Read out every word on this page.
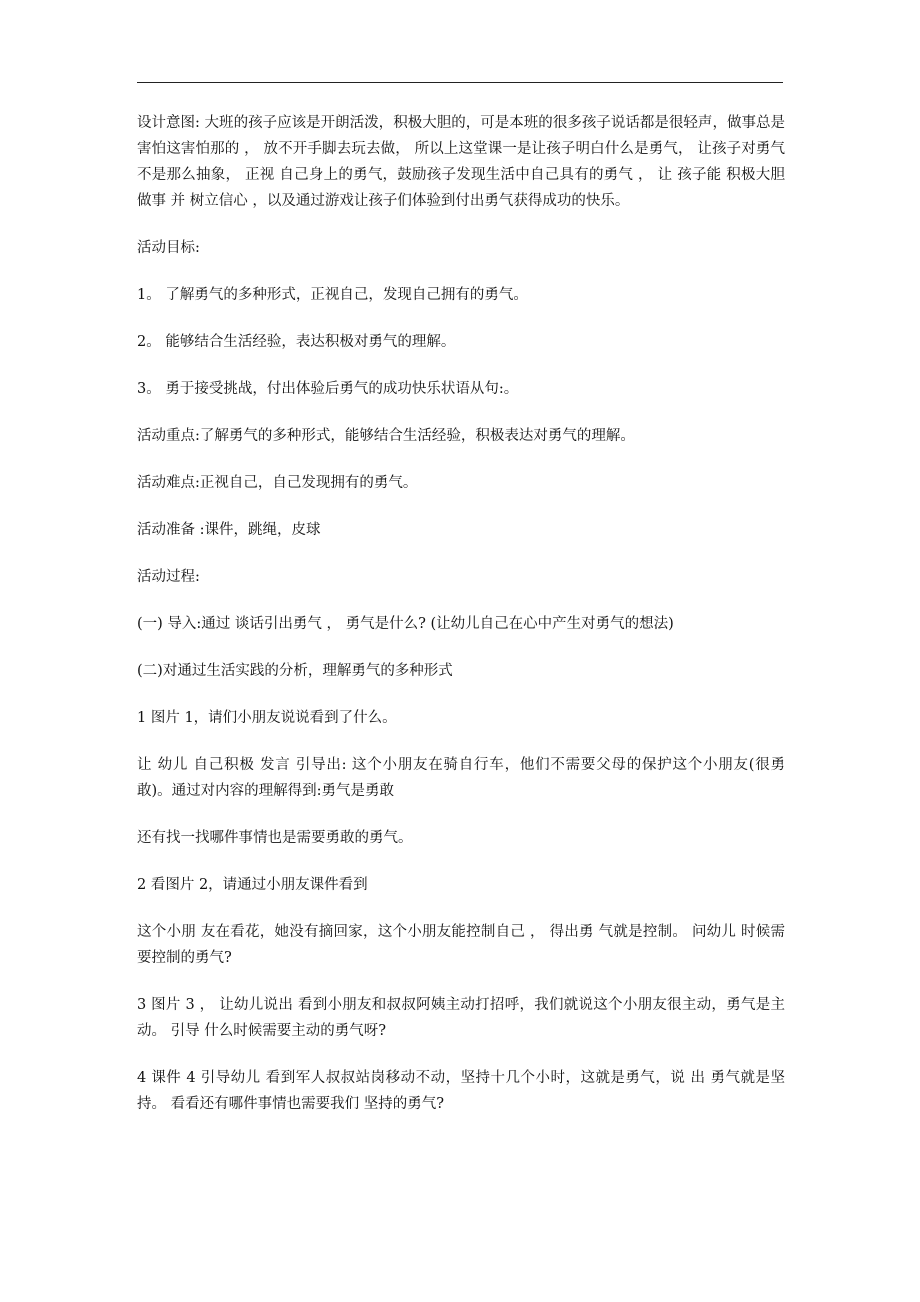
设计意图: 大班的孩子应该是开朗活泼，积极大胆的，可是本班的很多孩子说话都是很轻声，做事总是害怕这害怕那的 ， 放不开手脚去玩去做， 所以上这堂课一是让孩子明白什么是勇气， 让孩子对勇气不是那么抽象， 正视 自己身上的勇气，鼓励孩子发现生活中自己具有的勇气 ， 让 孩子能 积极大胆做事 并 树立信心 ，以及通过游戏让孩子们体验到付出勇气获得成功的快乐。

活动目标:

1。 了解勇气的多种形式，正视自己，发现自己拥有的勇气。

2。 能够结合生活经验，表达积极对勇气的理解。

3。 勇于接受挑战，付出体验后勇气的成功快乐状语从句:。

活动重点:了解勇气的多种形式，能够结合生活经验，积极表达对勇气的理解。

活动难点:正视自己，自己发现拥有的勇气。

活动准备 :课件，跳绳，皮球

活动过程:

(一) 导入:通过 谈话引出勇气 ， 勇气是什么? (让幼儿自己在心中产生对勇气的想法)

(二)对通过生活实践的分析，理解勇气的多种形式

1 图片 1，请们小朋友说说看到了什么。

让 幼儿 自己积极 发言 引导出: 这个小朋友在骑自行车，他们不需要父母的保护这个小朋友(很勇敢)。通过对内容的理解得到:勇气是勇敢

还有找一找哪件事情也是需要勇敢的勇气。

2 看图片 2，请通过小朋友课件看到

这个小朋 友在看花，她没有摘回家，这个小朋友能控制自己 ， 得出勇 气就是控制。 问幼儿 时候需要控制的勇气?

3 图片 3 ， 让幼儿说出 看到小朋友和叔叔阿姨主动打招呼，我们就说这个小朋友很主动，勇气是主动。 引导 什么时候需要主动的勇气呀?

4 课件 4 引导幼儿 看到军人叔叔站岗移动不动，坚持十几个小时，这就是勇气，说 出 勇气就是坚持。 看看还有哪件事情也需要我们 坚持的勇气?
